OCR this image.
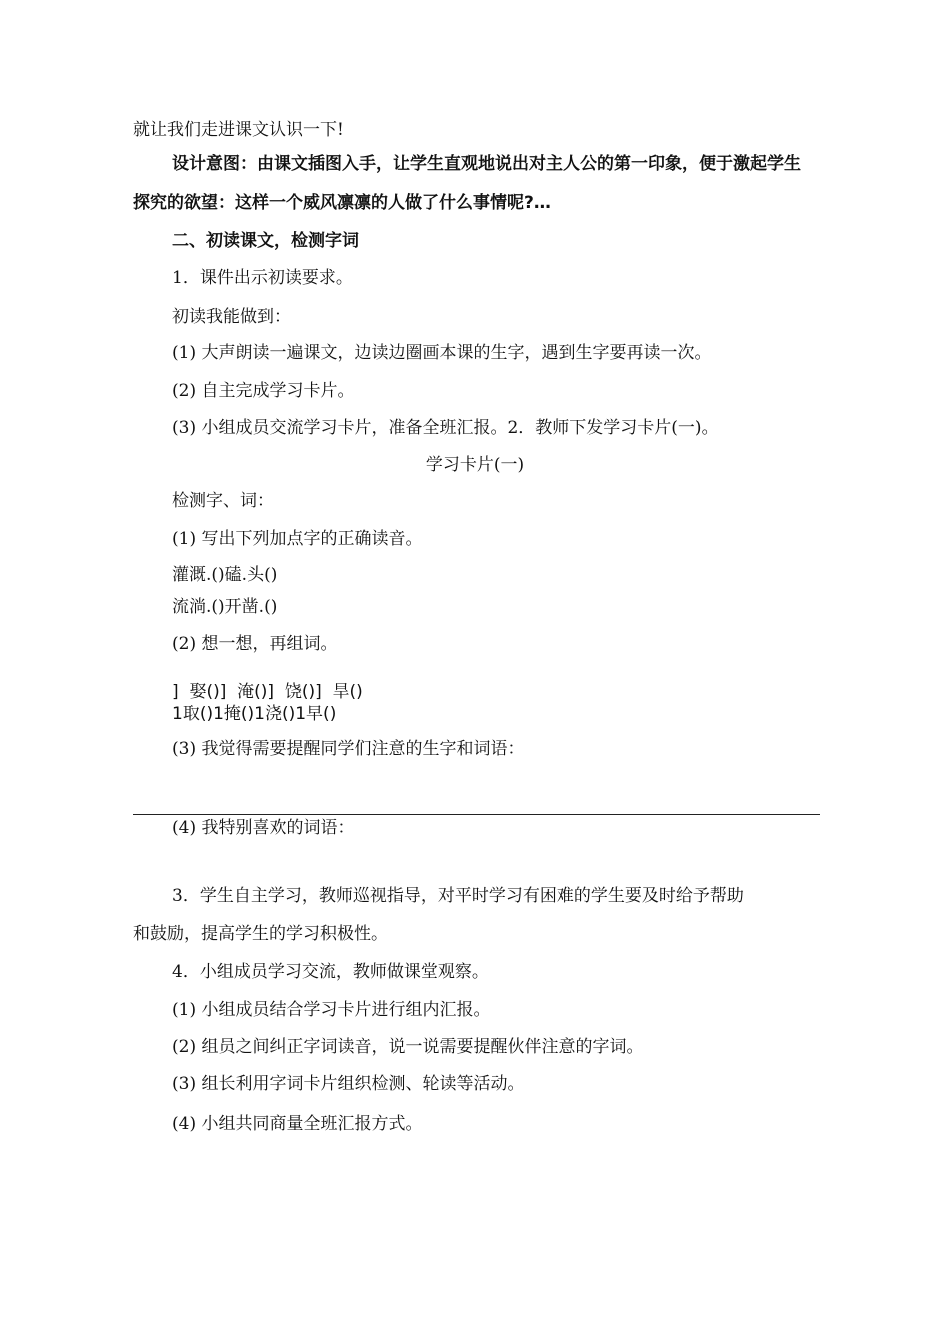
就让我们走进课文认识一下!
设计意图：由课文插图入手，让学生直观地说出对主人公的第一印象，便于激起学生
探究的欲望：这样一个威风凛凛的人做了什么事情呢?…
二、初读课文，检测字词
1．课件出示初读要求。
初读我能做到：
(1) 大声朗读一遍课文，边读边圈画本课的生字，遇到生字要再读一次。
(2) 自主完成学习卡片。
(3) 小组成员交流学习卡片，准备全班汇报。2．教师下发学习卡片(一)。
学习卡片(一)
检测字、词：
(1) 写出下列加点字的正确读音。
灌溉.()磕.头()
流淌.()开凿.()
(2) 想一想，再组词。
]  娶()]  淹()]  饶()]  旱()
1取()1掩()1浇()1早()
(3) 我觉得需要提醒同学们注意的生字和词语：
(4) 我特别喜欢的词语：
3．学生自主学习，教师巡视指导，对平时学习有困难的学生要及时给予帮助
和鼓励，提高学生的学习积极性。
4．小组成员学习交流，教师做课堂观察。
(1) 小组成员结合学习卡片进行组内汇报。
(2) 组员之间纠正字词读音，说一说需要提醒伙伴注意的字词。
(3) 组长利用字词卡片组织检测、轮读等活动。
(4) 小组共同商量全班汇报方式。
